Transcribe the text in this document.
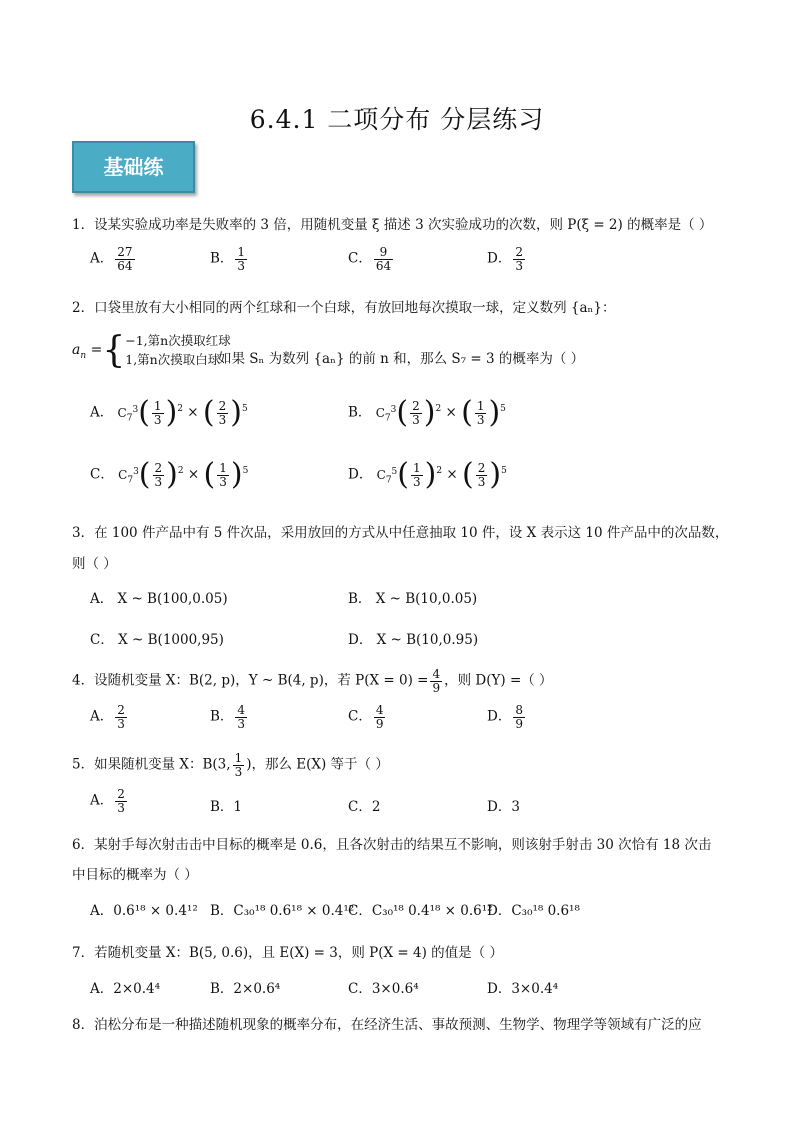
6.4.1 二项分布 分层练习
基础练
1．设某实验成功率是失败率的 3 倍，用随机变量 ξ 描述 3 次实验成功的次数，则 P(ξ = 2) 的概率是（ ）
A． $\frac{27}{64}$	B． $\frac{1}{3}$	C． $\frac{9}{64}$	D． $\frac{2}{3}$
2．口袋里放有大小相同的两个红球和一个白球，有放回地每次摸取一球，定义数列 {aₙ}：
$a_n$ ={ −1,第n次摸取红球
1,第n次摸取白球
如果 Sₙ 为数列 {aₙ} 的前 n 和，那么 S₇ = 3 的概率为（ ）
A． $C_7^3( \frac{1}{3} )^2$ × ( $\frac{2}{3} )^5$	B． $C_7^3( \frac{2}{3} )^2$ × ( $\frac{1}{3} )^5$
C． $C_7^3( \frac{2}{3} )^2$ × ( $\frac{1}{3} )^5$	D． $C_7^5( \frac{1}{3} )^2$ × ( $\frac{2}{3} )^5$
3．在 100 件产品中有 5 件次品，采用放回的方式从中任意抽取 10 件，设 X 表示这 10 件产品中的次品数，
则（ ）
A． X ~ B(100,0.05)	B． X ~ B(10,0.05)
C． X ~ B(1000,95)	D． X ~ B(10,0.95)
4．设随机变量 X：B(2, p)，Y ~ B(4, p)，若 $P(X = 0) = \frac{4}{9}$ ，则 D(Y) =（ ）
A． $\frac{2}{3}$	B． $\frac{4}{3}$	C． $\frac{4}{9}$	D． $\frac{8}{9}$
5．如果随机变量 X：B(3, $\frac{1}{3}$ )，那么 E(X) 等于（ ）
A． $\frac{2}{3}$	B．1	C．2	D．3
6．某射手每次射击击中目标的概率是 0.6，且各次射击的结果互不影响，则该射手射击 30 次恰有 18 次击
中目标的概率为（ ）
A．0.6¹⁸ × 0.4¹² B．C₃₀¹⁸ 0.6¹⁸ × 0.4¹²
C．C₃₀¹⁸ 0.4¹⁸ × 0.6¹²
D．C₃₀¹⁸ 0.6¹⁸
7．若随机变量 X：B(5, 0.6)，且 E(X) = 3，则 P(X = 4) 的值是（ ）
A．2×0.4⁴	B．2×0.6⁴	C．3×0.6⁴	D．3×0.4⁴
8．泊松分布是一种描述随机现象的概率分布，在经济生活、事故预测、生物学、物理学等领域有广泛的应
